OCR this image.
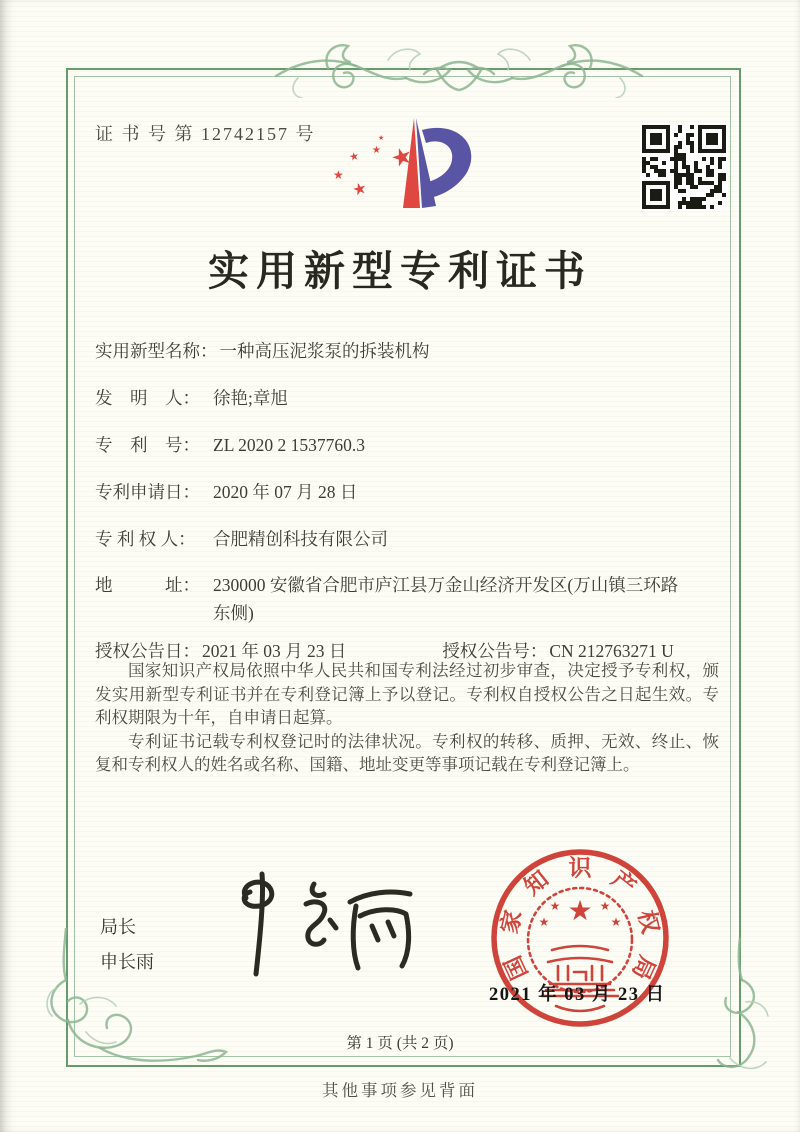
证 书 号 第 12742157 号
★
★
★
★
★
★
实用新型专利证书
实用新型名称： 一种高压泥浆泵的拆装机构
发　明　人： 徐艳;章旭
专　利　号： ZL 2020 2 1537760.3
专利申请日： 2020 年 07 月 28 日
专 利 权 人： 合肥精创科技有限公司
地　　　址： 230000 安徽省合肥市庐江县万金山经济开发区(万山镇三环路东侧)
授权公告日： 2021 年 03 月 23 日	授权公告号： CN 212763271 U

国家知识产权局依照中华人民共和国专利法经过初步审查，决定授予专利权，颁发实用新型专利证书并在专利登记簿上予以登记。专利权自授权公告之日起生效。专利权期限为十年，自申请日起算。

专利证书记载专利权登记时的法律状况。专利权的转移、质押、无效、终止、恢复和专利权人的姓名或名称、国籍、地址变更等事项记载在专利登记簿上。

局长
申长雨	国
家
知 识 产
权
局
★
★	★
★	★
2021 年 03 月 23 日
第 1 页 (共 2 页)
其他事项参见背面
